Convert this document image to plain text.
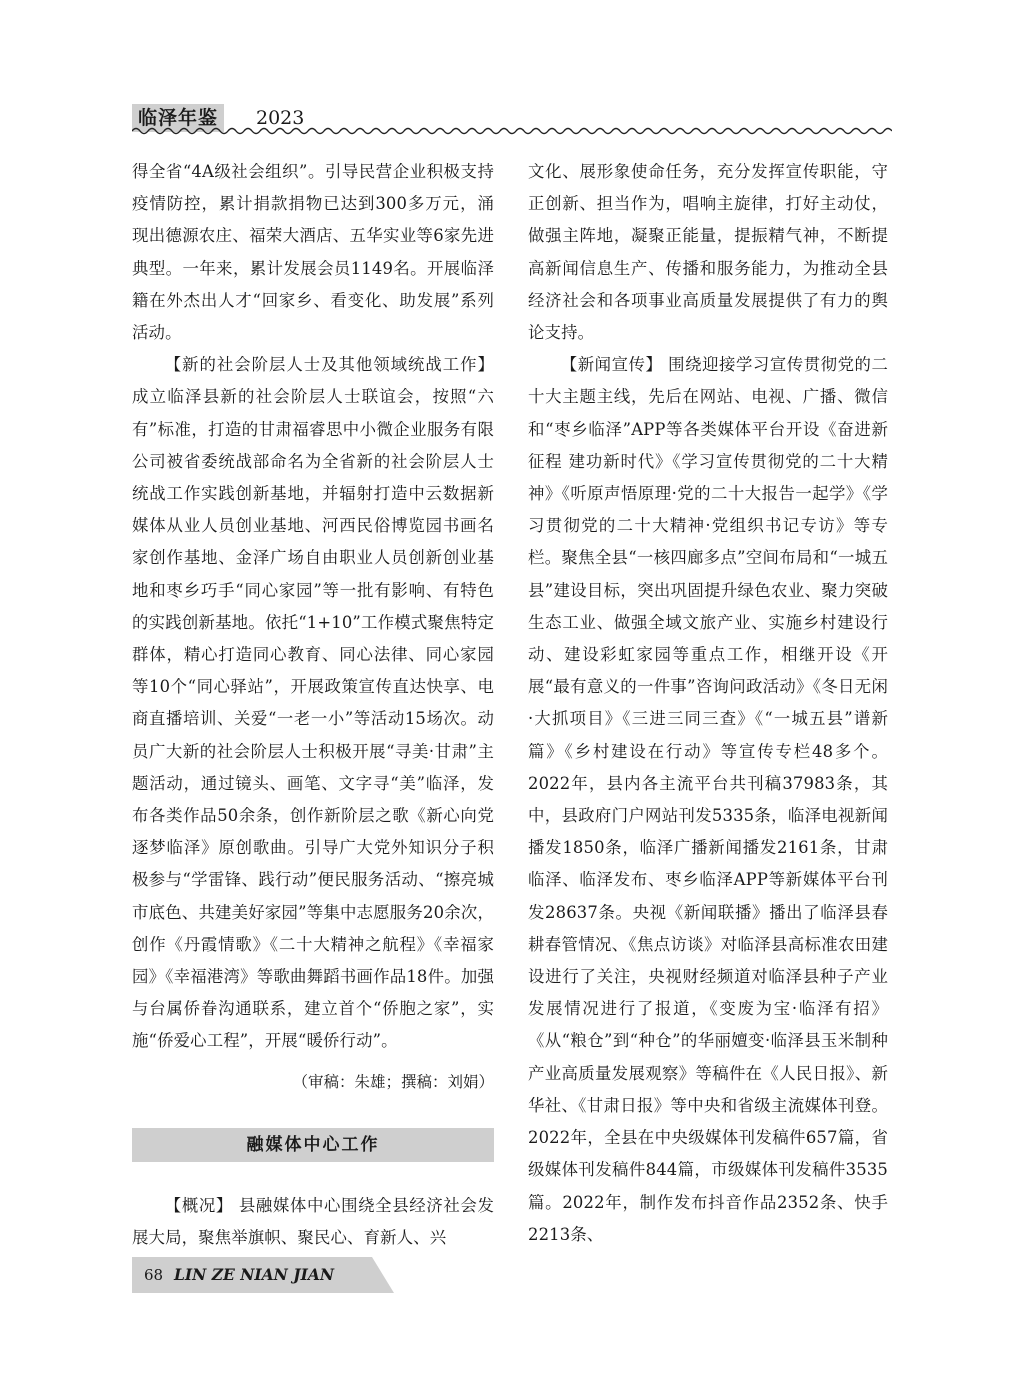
临泽年鉴	2023

得全省“4A级社会组织”。引导民营企业积极支持疫情防控，累计捐款捐物已达到300多万元，涌现出德源农庄、福荣大酒店、五华实业等6家先进典型。一年来，累计发展会员1149名。开展临泽籍在外杰出人才“回家乡、看变化、助发展”系列活动。

【新的社会阶层人士及其他领域统战工作】 成立临泽县新的社会阶层人士联谊会，按照“六有”标准，打造的甘肃福睿思中小微企业服务有限公司被省委统战部命名为全省新的社会阶层人士统战工作实践创新基地，并辐射打造中云数据新媒体从业人员创业基地、河西民俗博览园书画名家创作基地、金泽广场自由职业人员创新创业基地和枣乡巧手“同心家园”等一批有影响、有特色的实践创新基地。依托“1+10”工作模式聚焦特定群体，精心打造同心教育、同心法律、同心家园等10个“同心驿站”，开展政策宣传直达快享、电商直播培训、关爱“一老一小”等活动15场次。动员广大新的社会阶层人士积极开展“寻美·甘肃”主题活动，通过镜头、画笔、文字寻“美”临泽，发布各类作品50余条，创作新阶层之歌《新心向党逐梦临泽》原创歌曲。引导广大党外知识分子积极参与“学雷锋、践行动”便民服务活动、“擦亮城市底色、共建美好家园”等集中志愿服务20余次，创作《丹霞情歌》《二十大精神之航程》《幸福家园》《幸福港湾》等歌曲舞蹈书画作品18件。加强与台属侨眷沟通联系，建立首个“侨胞之家”，实施“侨爱心工程”，开展“暖侨行动”。

（审稿：朱雄；撰稿：刘娟）
融媒体中心工作

【概况】 县融媒体中心围绕全县经济社会发展大局，聚焦举旗帜、聚民心、育新人、兴

文化、展形象使命任务，充分发挥宣传职能，守正创新、担当作为，唱响主旋律，打好主动仗，做强主阵地，凝聚正能量，提振精气神，不断提高新闻信息生产、传播和服务能力，为推动全县经济社会和各项事业高质量发展提供了有力的舆论支持。

【新闻宣传】 围绕迎接学习宣传贯彻党的二十大主题主线，先后在网站、电视、广播、微信和“枣乡临泽”APP等各类媒体平台开设《奋进新征程 建功新时代》《学习宣传贯彻党的二十大精神》《听原声悟原理·党的二十大报告一起学》《学习贯彻党的二十大精神·党组织书记专访》等专栏。聚焦全县“一核四廊多点”空间布局和“一城五县”建设目标，突出巩固提升绿色农业、聚力突破生态工业、做强全域文旅产业、实施乡村建设行动、建设彩虹家园等重点工作，相继开设《开展“最有意义的一件事”咨询问政活动》《冬日无闲·大抓项目》《三进三同三查》《“一城五县”谱新篇》《乡村建设在行动》等宣传专栏48多个。2022年，县内各主流平台共刊稿37983条，其中，县政府门户网站刊发5335条，临泽电视新闻播发1850条，临泽广播新闻播发2161条，甘肃临泽、临泽发布、枣乡临泽APP等新媒体平台刊发28637条。央视《新闻联播》播出了临泽县春耕春管情况、《焦点访谈》对临泽县高标准农田建设进行了关注，央视财经频道对临泽县种子产业发展情况进行了报道，《变废为宝·临泽有招》《从“粮仓”到“种仓”的华丽嬗变·临泽县玉米制种产业高质量发展观察》等稿件在《人民日报》、新华社、《甘肃日报》等中央和省级主流媒体刊登。2022年，全县在中央级媒体刊发稿件657篇，省级媒体刊发稿件844篇，市级媒体刊发稿件3535篇。2022年，制作发布抖音作品2352条、快手2213条、

68 LIN ZE NIAN JIAN
